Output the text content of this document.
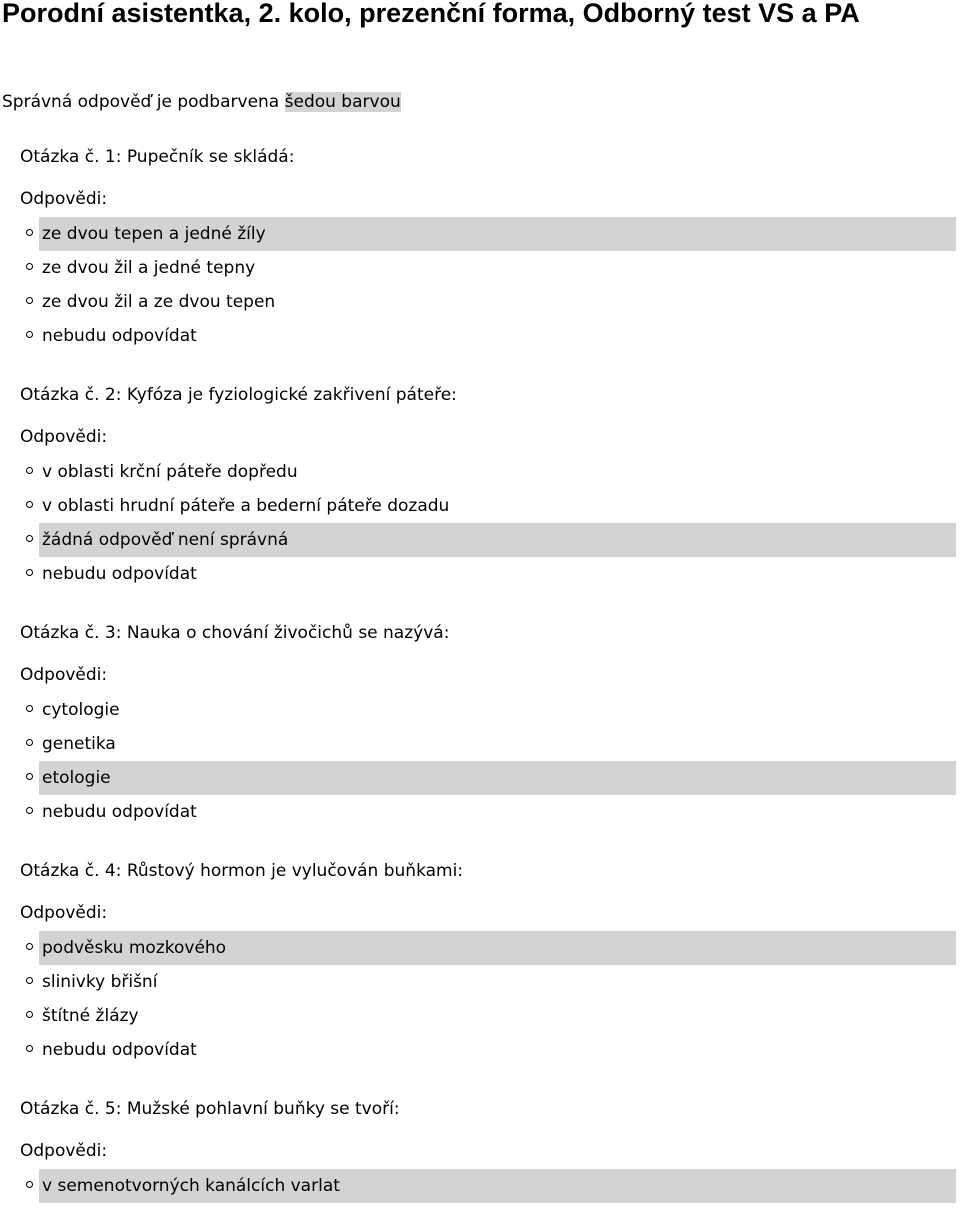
Porodní asistentka, 2. kolo, prezenční forma, Odborný test VS a PA

Správná odpověď je podbarvena šedou barvou

Otázka č. 1: Pupečník se skládá:

Odpovědi:

ze dvou tepen a jedné žíly
ze dvou žil a jedné tepny
ze dvou žil a ze dvou tepen
nebudu odpovídat

Otázka č. 2: Kyfóza je fyziologické zakřivení páteře:

Odpovědi:

v oblasti krční páteře dopředu
v oblasti hrudní páteře a bederní páteře dozadu
žádná odpověď není správná
nebudu odpovídat

Otázka č. 3: Nauka o chování živočichů se nazývá:

Odpovědi:

cytologie
genetika
etologie
nebudu odpovídat

Otázka č. 4: Růstový hormon je vylučován buňkami:

Odpovědi:

podvěsku mozkového
slinivky břišní
štítné žlázy
nebudu odpovídat

Otázka č. 5: Mužské pohlavní buňky se tvoří:

Odpovědi:

v semenotvorných kanálcích varlat
